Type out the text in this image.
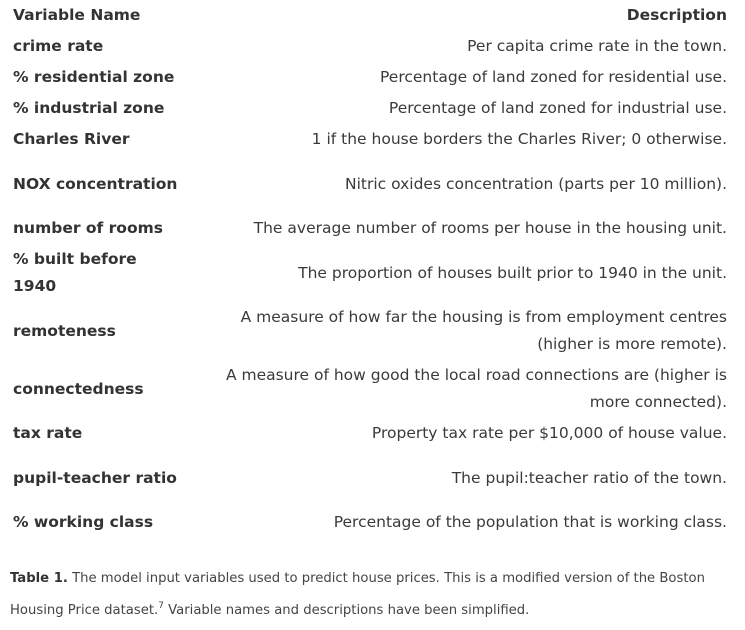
Variable Name	Description
crime rate	Per capita crime rate in the town.
% residential zone	Percentage of land zoned for residential use.
% industrial zone	Percentage of land zoned for industrial use.
Charles River	1 if the house borders the Charles River; 0 otherwise.
NOX concentration	Nitric oxides concentration (parts per 10 million).
number of rooms	The average number of rooms per house in the housing unit.
% built before 1940	The proportion of houses built prior to 1940 in the unit.
remoteness	A measure of how far the housing is from employment centres (higher is more remote).
connectedness	A measure of how good the local road connections are (higher is more connected).
tax rate	Property tax rate per $10,000 of house value.
pupil-teacher ratio	The pupil:teacher ratio of the town.
% working class	Percentage of the population that is working class.
Table 1. The model input variables used to predict house prices. This is a modified version of the Boston Housing Price dataset.$^7$ Variable names and descriptions have been simplified.
